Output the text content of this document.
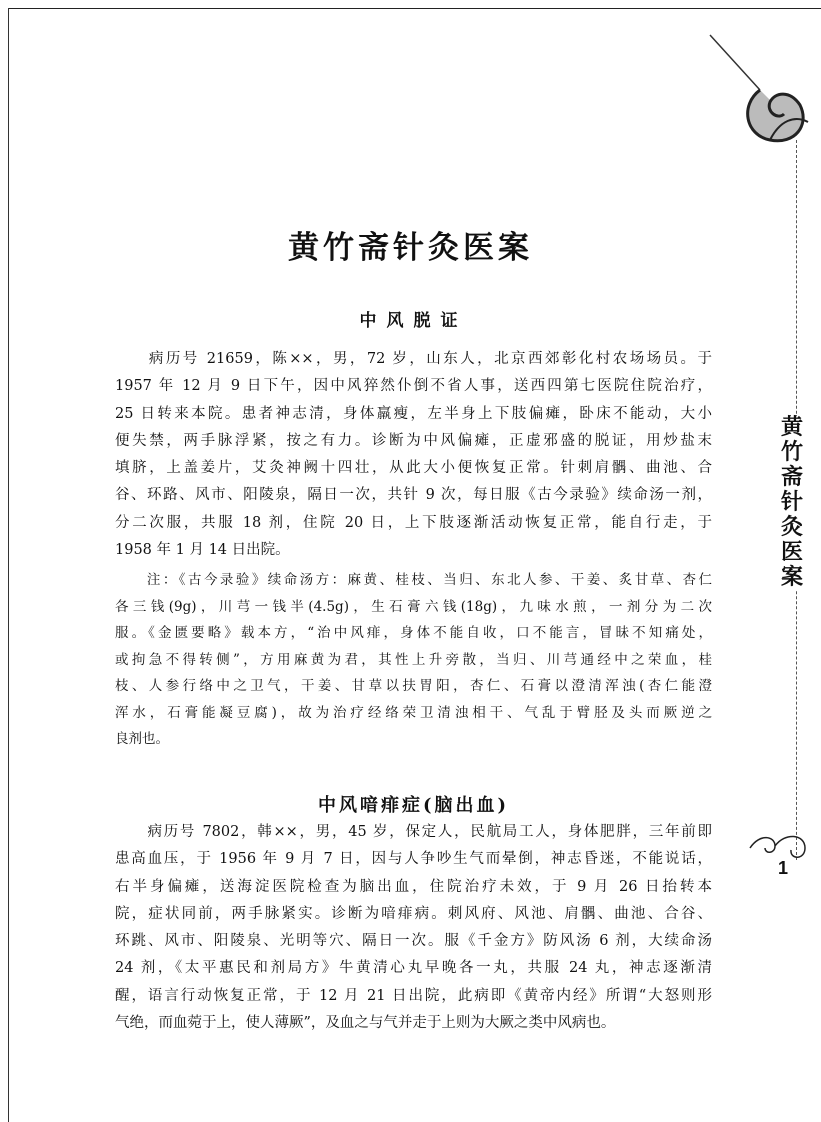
黄竹斋针灸医案
中风脱证
　　病历号 21659，陈××，男，72 岁，山东人，北京西郊彰化村农场场员。于
1957 年 12 月 9 日下午，因中风猝然仆倒不省人事，送西四第七医院住院治疗，
25 日转来本院。患者神志清，身体羸瘦，左半身上下肢偏瘫，卧床不能动，大小
便失禁，两手脉浮紧，按之有力。诊断为中风偏瘫，正虚邪盛的脱证，用炒盐末
填脐，上盖姜片，艾灸神阙十四壮，从此大小便恢复正常。针刺肩髃、曲池、合
谷、环路、风市、阳陵泉，隔日一次，共针 9 次，每日服《古今录验》续命汤一剂，
分二次服，共服 18 剂，住院 20 日，上下肢逐渐活动恢复正常，能自行走，于
1958 年 1 月 14 日出院。
　　注：《古今录验》续命汤方：麻黄、桂枝、当归、东北人参、干姜、炙甘草、杏仁
各三钱(9g)，川芎一钱半(4.5g)，生石膏六钱(18g)，九味水煎，一剂分为二次
服。《金匮要略》载本方，“治中风痱，身体不能自收，口不能言，冒昧不知痛处，
或拘急不得转侧”，方用麻黄为君，其性上升旁散，当归、川芎通经中之荣血，桂
枝、人参行络中之卫气，干姜、甘草以扶胃阳，杏仁、石膏以澄清浑浊(杏仁能澄
浑水，石膏能凝豆腐)，故为治疗经络荣卫清浊相干、气乱于臂胫及头而厥逆之
良剂也。
中风喑痱症(脑出血)
　　病历号 7802，韩××，男，45 岁，保定人，民航局工人，身体肥胖，三年前即
患高血压，于 1956 年 9 月 7 日，因与人争吵生气而晕倒，神志昏迷，不能说话，
右半身偏瘫，送海淀医院检查为脑出血，住院治疗未效，于 9 月 26 日抬转本
院，症状同前，两手脉紧实。诊断为喑痱病。刺风府、风池、肩髃、曲池、合谷、
环跳、风市、阳陵泉、光明等穴、隔日一次。服《千金方》防风汤 6 剂，大续命汤
24 剂，《太平惠民和剂局方》牛黄清心丸早晚各一丸，共服 24 丸，神志逐渐清
醒，语言行动恢复正常，于 12 月 21 日出院，此病即《黄帝内经》所谓“大怒则形
气绝，而血菀于上，使人薄厥”，及血之与气并走于上则为大厥之类中风病也。
黄竹斋针灸医案
1
